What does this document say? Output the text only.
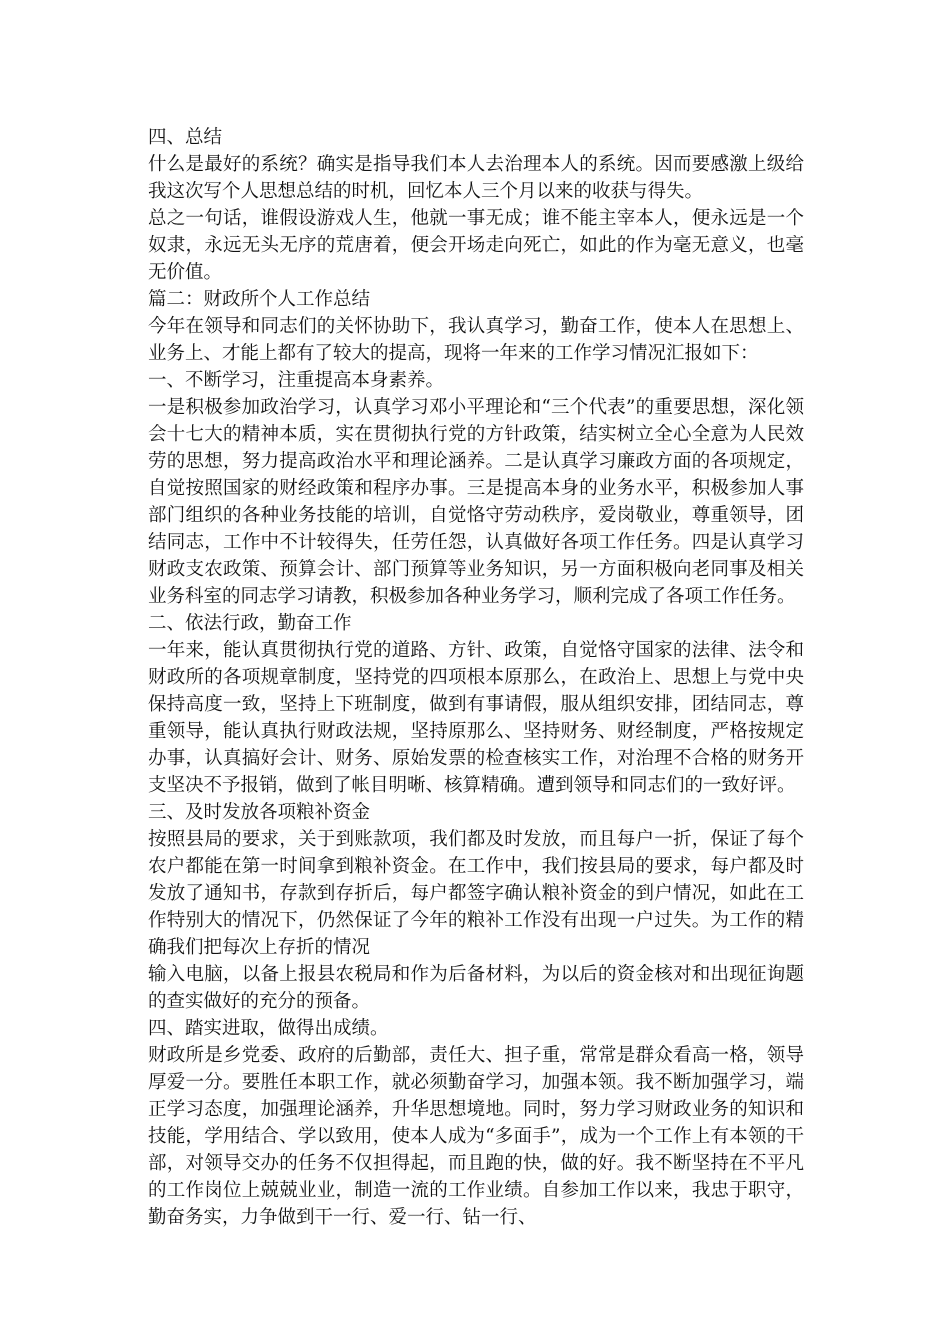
四、总结

什么是最好的系统？确实是指导我们本人去治理本人的系统。因而要感激上级给我这次写个人思想总结的时机，回忆本人三个月以来的收获与得失。

总之一句话，谁假设游戏人生，他就一事无成；谁不能主宰本人，便永远是一个奴隶，永远无头无序的荒唐着，便会开场走向死亡，如此的作为毫无意义，也毫无价值。

篇二：财政所个人工作总结

今年在领导和同志们的关怀协助下，我认真学习，勤奋工作，使本人在思想上、业务上、才能上都有了较大的提高，现将一年来的工作学习情况汇报如下：

一、不断学习，注重提高本身素养。

一是积极参加政治学习，认真学习邓小平理论和“三个代表”的重要思想，深化领会十七大的精神本质，实在贯彻执行党的方针政策，结实树立全心全意为人民效劳的思想，努力提高政治水平和理论涵养。二是认真学习廉政方面的各项规定，自觉按照国家的财经政策和程序办事。三是提高本身的业务水平，积极参加人事部门组织的各种业务技能的培训，自觉恪守劳动秩序，爱岗敬业，尊重领导，团结同志，工作中不计较得失，任劳任怨，认真做好各项工作任务。四是认真学习财政支农政策、预算会计、部门预算等业务知识，另一方面积极向老同事及相关业务科室的同志学习请教，积极参加各种业务学习，顺利完成了各项工作任务。

二、依法行政，勤奋工作

一年来，能认真贯彻执行党的道路、方针、政策，自觉恪守国家的法律、法令和财政所的各项规章制度，坚持党的四项根本原那么，在政治上、思想上与党中央保持高度一致，坚持上下班制度，做到有事请假，服从组织安排，团结同志，尊重领导，能认真执行财政法规，坚持原那么、坚持财务、财经制度，严格按规定办事，认真搞好会计、财务、原始发票的检查核实工作，对治理不合格的财务开支坚决不予报销，做到了帐目明晰、核算精确。遭到领导和同志们的一致好评。

三、及时发放各项粮补资金

按照县局的要求，关于到账款项，我们都及时发放，而且每户一折，保证了每个农户都能在第一时间拿到粮补资金。在工作中，我们按县局的要求，每户都及时发放了通知书，存款到存折后，每户都签字确认粮补资金的到户情况，如此在工作特别大的情况下，仍然保证了今年的粮补工作没有出现一户过失。为工作的精确我们把每次上存折的情况

输入电脑，以备上报县农税局和作为后备材料，为以后的资金核对和出现征询题的查实做好的充分的预备。

四、踏实进取，做得出成绩。

财政所是乡党委、政府的后勤部，责任大、担子重，常常是群众看高一格，领导厚爱一分。要胜任本职工作，就必须勤奋学习，加强本领。我不断加强学习，端正学习态度，加强理论涵养，升华思想境地。同时，努力学习财政业务的知识和技能，学用结合、学以致用，使本人成为“多面手”，成为一个工作上有本领的干部，对领导交办的任务不仅担得起，而且跑的快，做的好。我不断坚持在不平凡的工作岗位上兢兢业业，制造一流的工作业绩。自参加工作以来，我忠于职守，勤奋务实，力争做到干一行、爱一行、钻一行、
